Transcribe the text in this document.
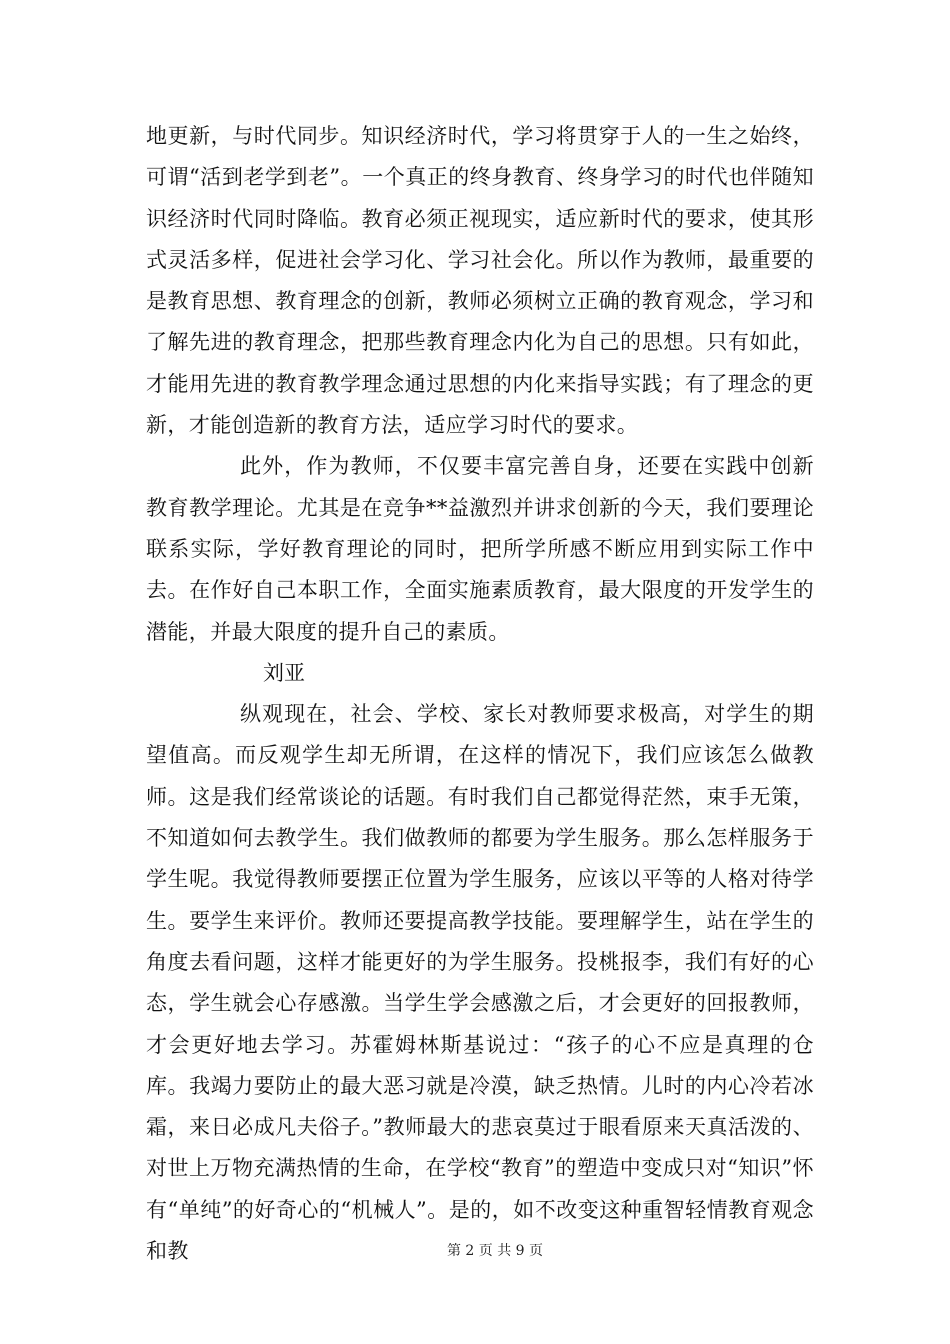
地更新，与时代同步。知识经济时代，学习将贯穿于人的一生之始终，可谓“活到老学到老”。一个真正的终身教育、终身学习的时代也伴随知识经济时代同时降临。教育必须正视现实，适应新时代的要求，使其形式灵活多样，促进社会学习化、学习社会化。所以作为教师，最重要的是教育思想、教育理念的创新，教师必须树立正确的教育观念，学习和了解先进的教育理念，把那些教育理念内化为自己的思想。只有如此，才能用先进的教育教学理念通过思想的内化来指导实践；有了理念的更新，才能创造新的教育方法，适应学习时代的要求。

此外，作为教师，不仅要丰富完善自身，还要在实践中创新教育教学理论。尤其是在竞争**益激烈并讲求创新的今天，我们要理论联系实际，学好教育理论的同时，把所学所感不断应用到实际工作中去。在作好自己本职工作，全面实施素质教育，最大限度的开发学生的潜能，并最大限度的提升自己的素质。

刘亚

纵观现在，社会、学校、家长对教师要求极高，对学生的期望值高。而反观学生却无所谓，在这样的情况下，我们应该怎么做教师。这是我们经常谈论的话题。有时我们自己都觉得茫然，束手无策，不知道如何去教学生。我们做教师的都要为学生服务。那么怎样服务于学生呢。我觉得教师要摆正位置为学生服务，应该以平等的人格对待学生。要学生来评价。教师还要提高教学技能。要理解学生，站在学生的角度去看问题，这样才能更好的为学生服务。投桃报李，我们有好的心态，学生就会心存感激。当学生学会感激之后，才会更好的回报教师，才会更好地去学习。苏霍姆林斯基说过：“孩子的心不应是真理的仓库。我竭力要防止的最大恶习就是冷漠，缺乏热情。儿时的内心冷若冰霜，来日必成凡夫俗子。”教师最大的悲哀莫过于眼看原来天真活泼的、对世上万物充满热情的生命，在学校“教育”的塑造中变成只对“知识”怀有“单纯”的好奇心的“机械人”。是的，如不改变这种重智轻情教育观念和教	第 2 页 共 9 页
